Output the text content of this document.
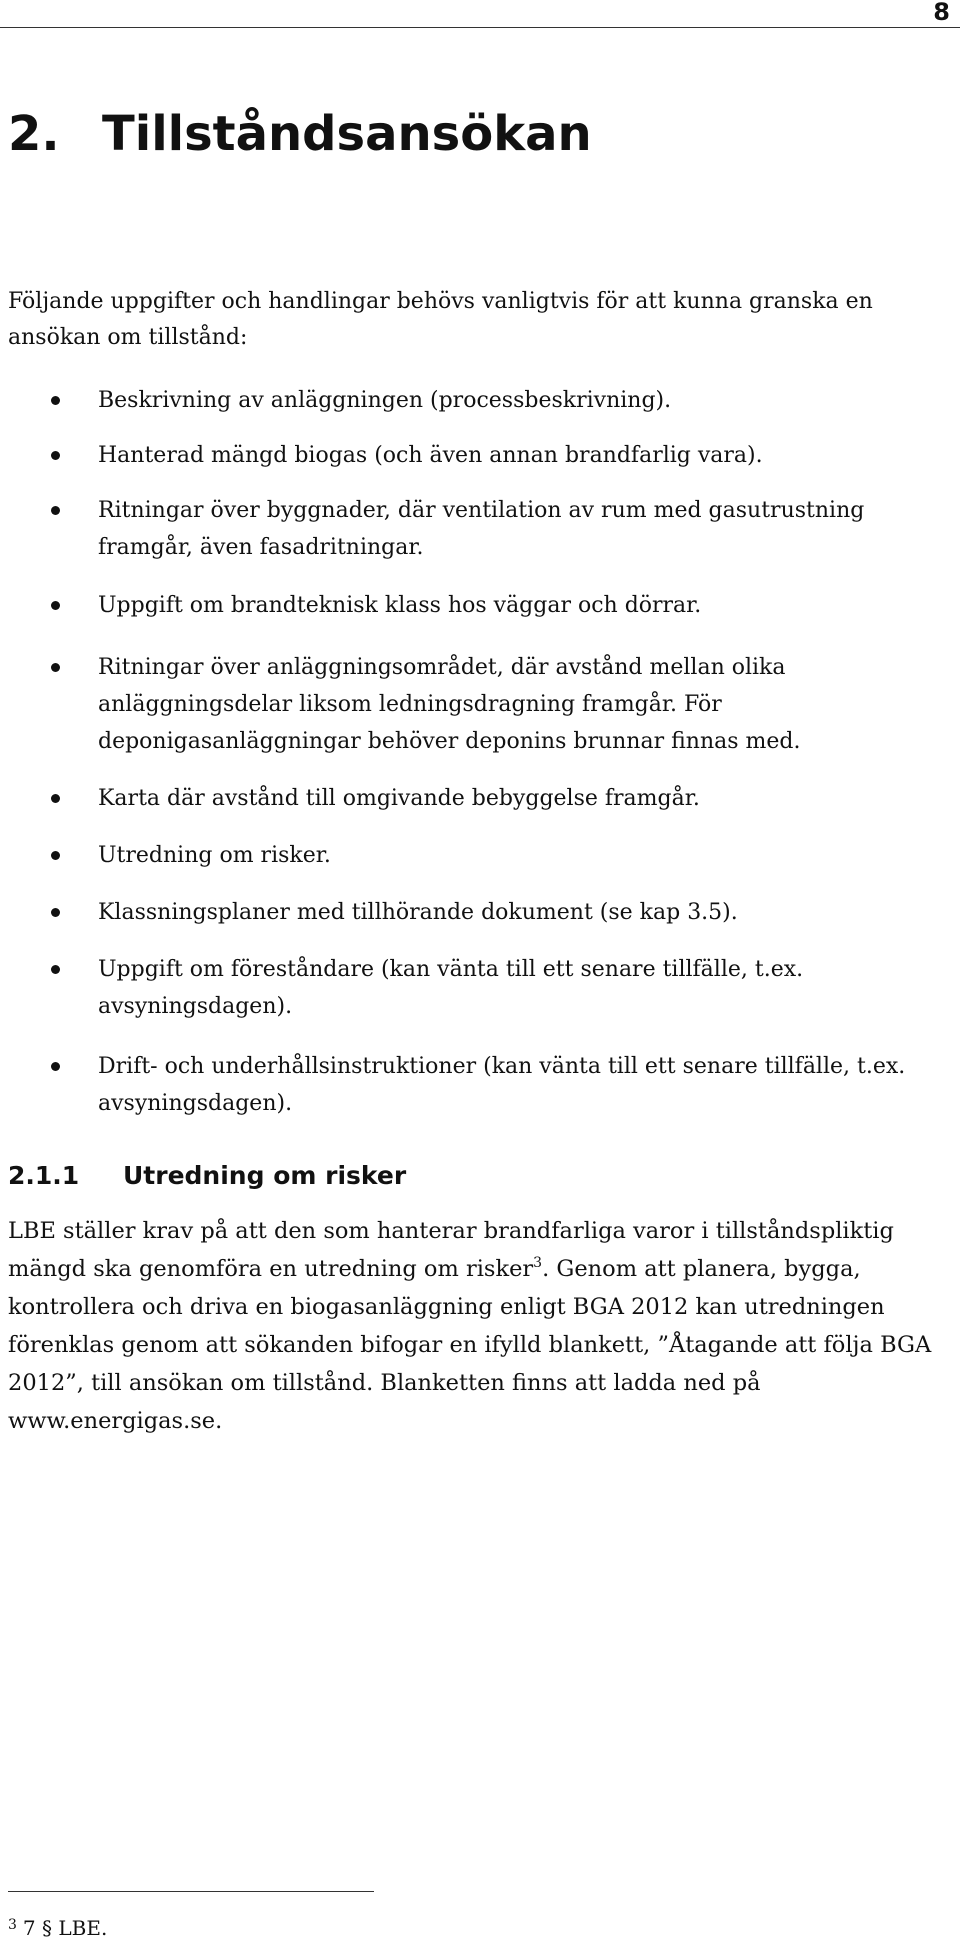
8
2. Tillståndsansökan

Följande uppgifter och handlingar behövs vanligtvis för att kunna granska en ansökan om tillstånd:

Beskrivning av anläggningen (processbeskrivning).
Hanterad mängd biogas (och även annan brandfarlig vara).
Ritningar över byggnader, där ventilation av rum med gasutrustning framgår, även fasadritningar.
Uppgift om brandteknisk klass hos väggar och dörrar.
Ritningar över anläggningsområdet, där avstånd mellan olika anläggningsdelar liksom ledningsdragning framgår. För deponigasanläggningar behöver deponins brunnar finnas med.
Karta där avstånd till omgivande bebyggelse framgår.
Utredning om risker.
Klassningsplaner med tillhörande dokument (se kap 3.5).
Uppgift om föreståndare (kan vänta till ett senare tillfälle, t.ex. avsyningsdagen).
Drift- och underhållsinstruktioner (kan vänta till ett senare tillfälle, t.ex. avsyningsdagen).
2.1.1 Utredning om risker

LBE ställer krav på att den som hanterar brandfarliga varor i tillståndspliktig mängd ska genomföra en utredning om risker$^3$. Genom att planera, bygga, kontrollera och driva en biogasanläggning enligt BGA 2012 kan utredningen förenklas genom att sökanden bifogar en ifylld blankett, ”Åtagande att följa BGA 2012”, till ansökan om tillstånd. Blanketten finns att ladda ned på www.energigas.se.

$^3$ 7 § LBE.
